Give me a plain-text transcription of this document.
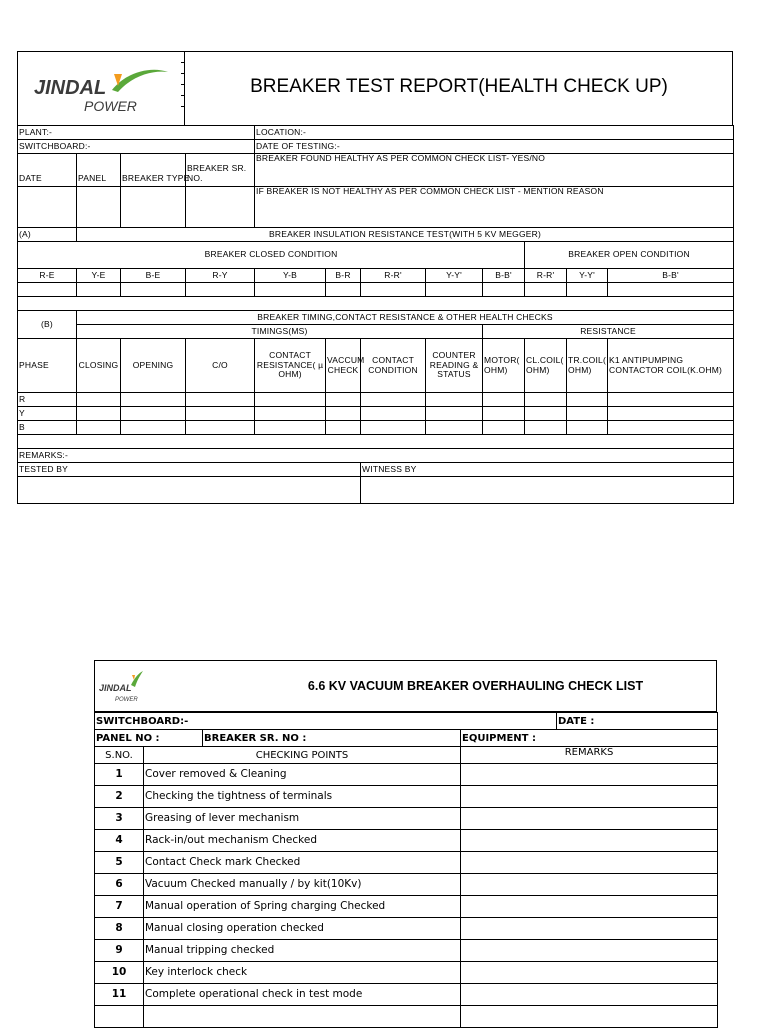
JINDAL
POWER
BREAKER TEST REPORT(HEALTH CHECK UP)
PLANT:-				LOCATION:-							
SWITCHBOARD:-				DATE OF TESTING:-							
DATE	PANEL	BREAKER TYPE	BREAKER SR. NO.	BREAKER FOUND HEALTHY AS PER COMMON CHECK LIST- YES/NO							
				IF BREAKER IS NOT HEALTHY AS PER COMMON CHECK LIST - MENTION REASON							
(A)	BREAKER INSULATION RESISTANCE TEST(WITH 5 KV MEGGER)										
BREAKER CLOSED CONDITION									BREAKER OPEN CONDITION		
R-E	Y-E	B-E	R-Y	Y-B	B-R	R-R'	Y-Y'	B-B'	R-R'	Y-Y'	B-B'

(B)	BREAKER TIMING,CONTACT RESISTANCE & OTHER HEALTH CHECKS										
	TIMINGS(MS)							RESISTANCE			
PHASE	CLOSING	OPENING	C/O	CONTACT RESISTANCE( µ OHM)	VACCUM CHECK	CONTACT CONDITION	COUNTER READING & STATUS	MOTOR( OHM)	CL.COIL( OHM)	TR.COIL( OHM)	K1 ANTIPUMPING CONTACTOR COIL(K.OHM)
R											
Y											
B											

REMARKS:-											
TESTED BY						WITNESS BY					

JINDAL
POWER
6.6 KV VACUUM BREAKER OVERHAULING CHECK LIST
SWITCHBOARD:-				DATE :
PANEL NO :		BREAKER SR. NO :	EQUIPMENT :	
S.NO.	CHECKING POINTS		REMARKS	
1	Cover removed & Cleaning			
2	Checking the tightness of terminals			
3	Greasing of lever mechanism			
4	Rack-in/out mechanism Checked			
5	Contact Check mark Checked			
6	Vacuum Checked manually / by kit(10Kv)			
7	Manual operation of Spring charging Checked			
8	Manual closing operation checked			
9	Manual tripping checked			
10	Key interlock check			
11	Complete operational check in test mode			
